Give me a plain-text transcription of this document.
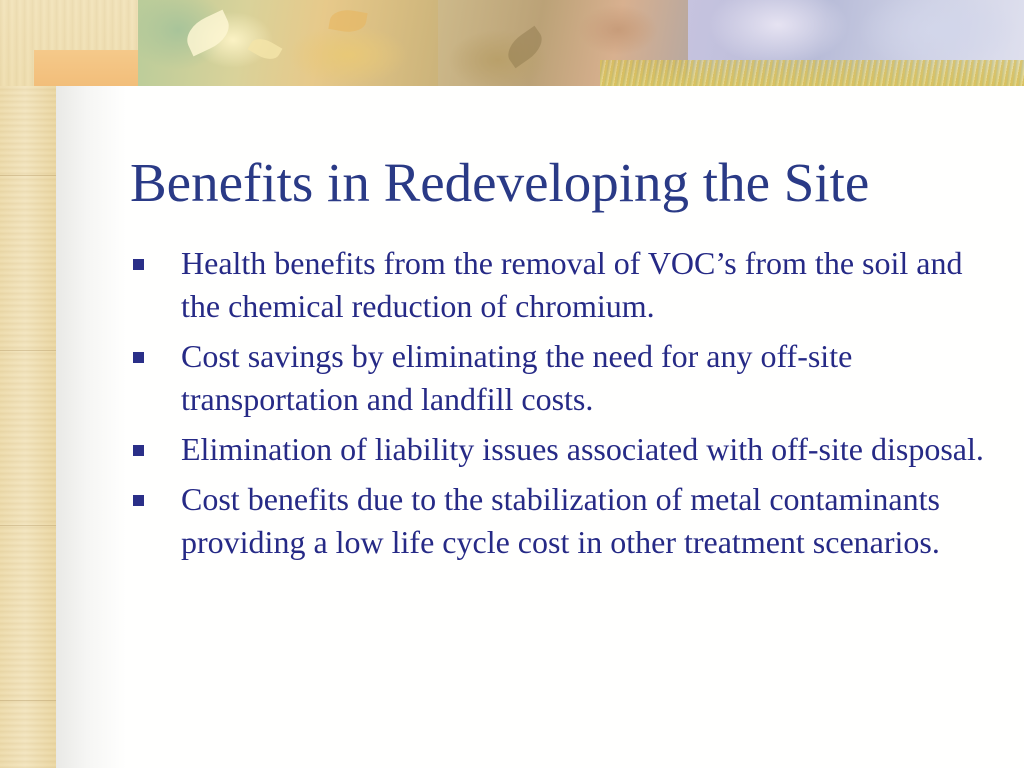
Benefits in Redeveloping the Site
Health benefits from the removal of VOC’s from the soil and the chemical reduction of chromium.
Cost savings by eliminating the need for any off-site transportation and landfill costs.
Elimination of liability issues associated with off-site disposal.
Cost benefits due to the stabilization of metal contaminants providing a low life cycle cost in other treatment scenarios.
